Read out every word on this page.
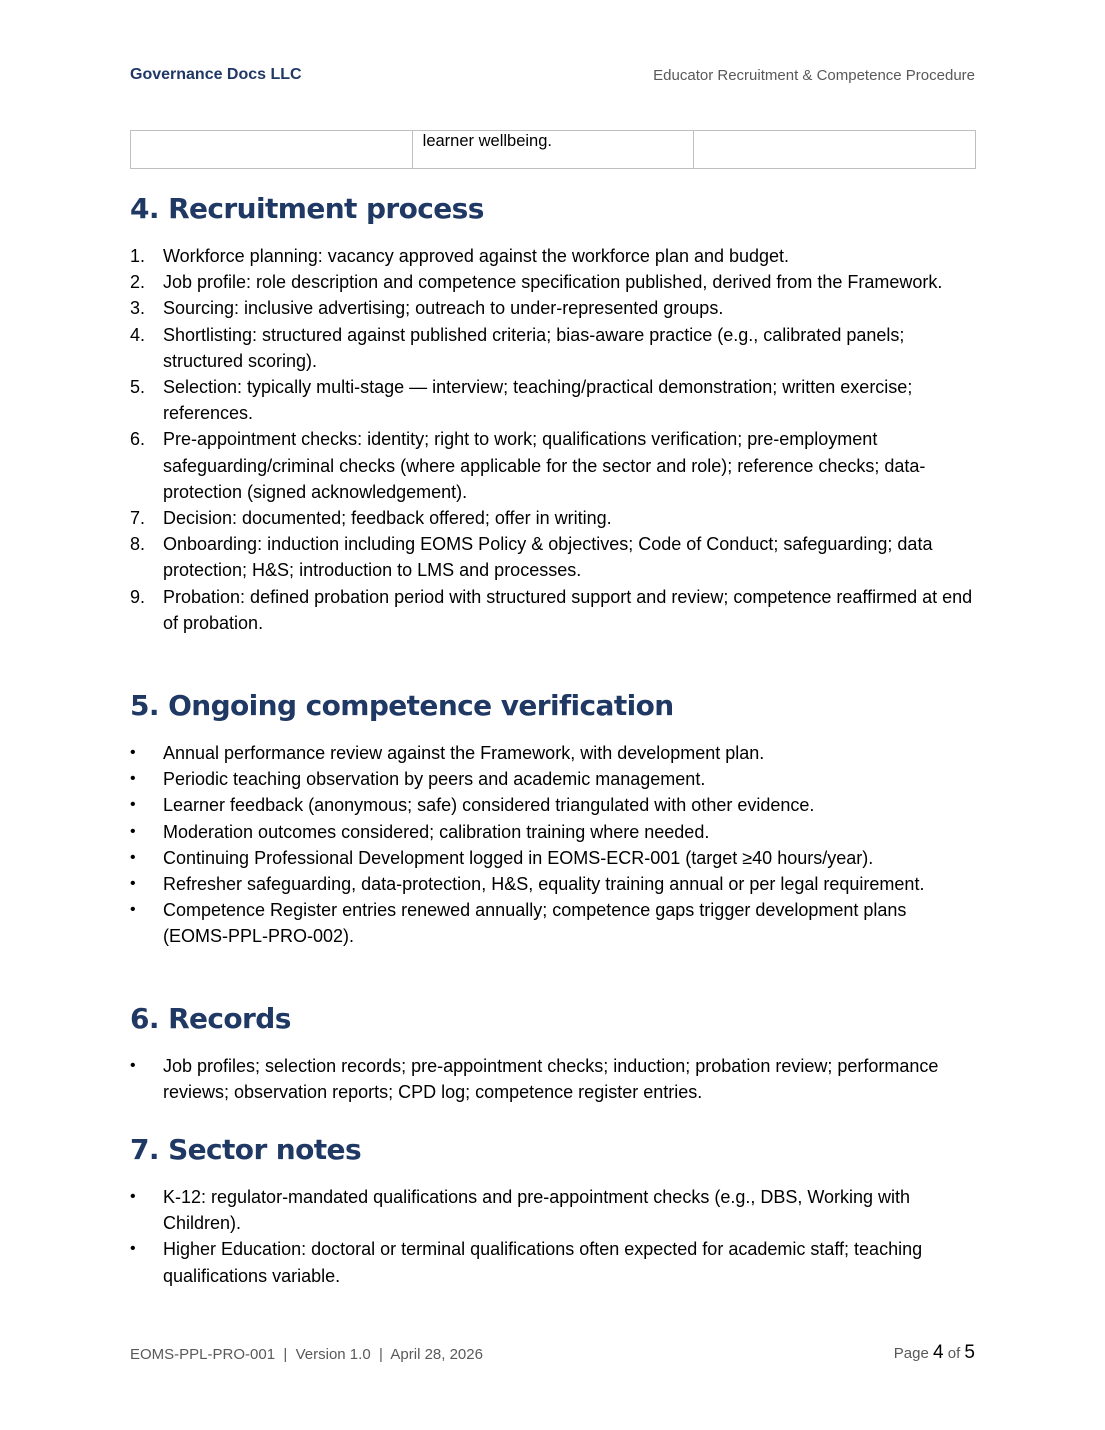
Governance Docs LLC	Educator Recruitment & Competence Procedure
	learner wellbeing.	
4. Recruitment process
1. Workforce planning: vacancy approved against the workforce plan and budget.
2. Job profile: role description and competence specification published, derived from the Framework.
3. Sourcing: inclusive advertising; outreach to under-represented groups.
4. Shortlisting: structured against published criteria; bias-aware practice (e.g., calibrated panels; structured scoring).
5. Selection: typically multi-stage — interview; teaching/practical demonstration; written exercise; references.
6. Pre-appointment checks: identity; right to work; qualifications verification; pre-employment safeguarding/criminal checks (where applicable for the sector and role); reference checks; data-protection (signed acknowledgement).
7. Decision: documented; feedback offered; offer in writing.
8. Onboarding: induction including EOMS Policy & objectives; Code of Conduct; safeguarding; data protection; H&S; introduction to LMS and processes.
9. Probation: defined probation period with structured support and review; competence reaffirmed at end of probation.
5. Ongoing competence verification
• Annual performance review against the Framework, with development plan.
• Periodic teaching observation by peers and academic management.
• Learner feedback (anonymous; safe) considered triangulated with other evidence.
• Moderation outcomes considered; calibration training where needed.
• Continuing Professional Development logged in EOMS-ECR-001 (target ≥40 hours/year).
• Refresher safeguarding, data-protection, H&S, equality training annual or per legal requirement.
• Competence Register entries renewed annually; competence gaps trigger development plans (EOMS-PPL-PRO-002).
6. Records
• Job profiles; selection records; pre-appointment checks; induction; probation review; performance reviews; observation reports; CPD log; competence register entries.
7. Sector notes
• K-12: regulator-mandated qualifications and pre-appointment checks (e.g., DBS, Working with Children).
• Higher Education: doctoral or terminal qualifications often expected for academic staff; teaching qualifications variable.
EOMS-PPL-PRO-001  |  Version 1.0  |  April 28, 2026	Page 4 of 5
